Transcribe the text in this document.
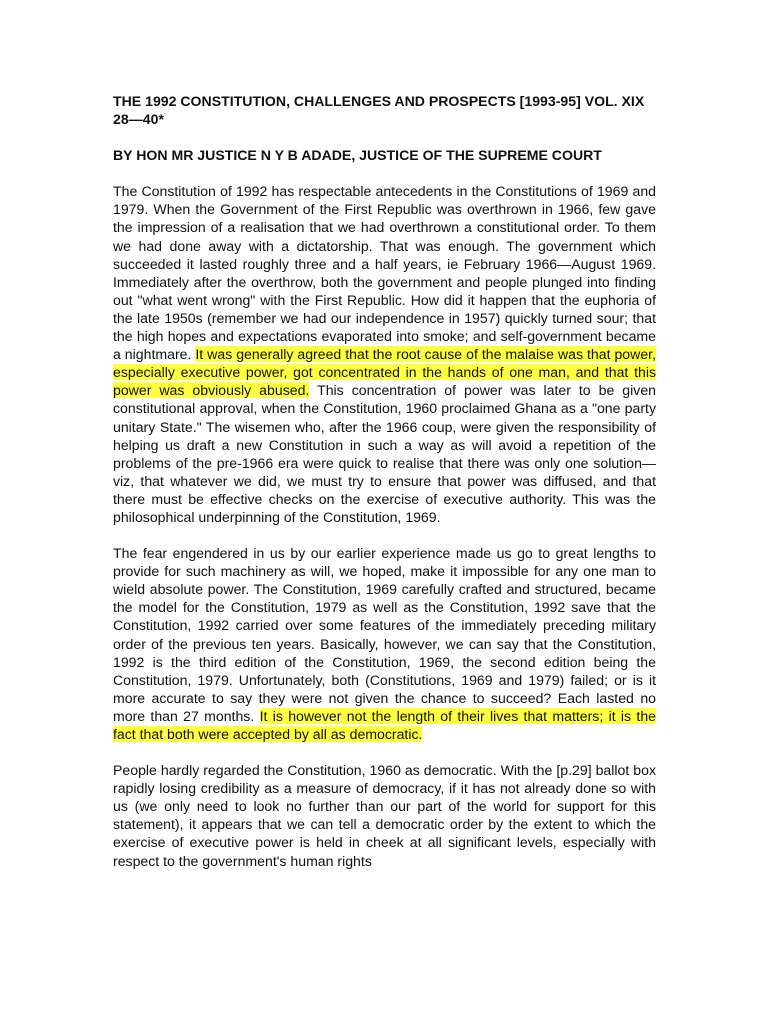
THE 1992 CONSTITUTION, CHALLENGES AND PROSPECTS [1993-95] VOL. XIX 28—40*

BY HON MR JUSTICE N Y B ADADE, JUSTICE OF THE SUPREME COURT

The Constitution of 1992 has respectable antecedents in the Constitutions of 1969 and 1979. When the Government of the First Republic was overthrown in 1966, few gave the impression of a realisation that we had overthrown a constitutional order. To them we had done away with a dictatorship. That was enough. The government which succeeded it lasted roughly three and a half years, ie February 1966—August 1969. Immediately after the overthrow, both the government and people plunged into finding out "what went wrong" with the First Republic. How did it happen that the euphoria of the late 1950s (remember we had our independence in 1957) quickly turned sour; that the high hopes and expectations evaporated into smoke; and self-government became a nightmare. It was generally agreed that the root cause of the malaise was that power, especially executive power, got concentrated in the hands of one man, and that this power was obviously abused. This concentration of power was later to be given constitutional approval, when the Constitution, 1960 proclaimed Ghana as a "one party unitary State." The wisemen who, after the 1966 coup, were given the responsibility of helping us draft a new Constitution in such a way as will avoid a repetition of the problems of the pre-1966 era were quick to realise that there was only one solution—viz, that whatever we did, we must try to ensure that power was diffused, and that there must be effective checks on the exercise of executive authority. This was the philosophical underpinning of the Constitution, 1969.

The fear engendered in us by our earlier experience made us go to great lengths to provide for such machinery as will, we hoped, make it impossible for any one man to wield absolute power. The Constitution, 1969 carefully crafted and structured, became the model for the Constitution, 1979 as well as the Constitution, 1992 save that the Constitution, 1992 carried over some features of the immediately preceding military order of the previous ten years. Basically, however, we can say that the Constitution, 1992 is the third edition of the Constitution, 1969, the second edition being the Constitution, 1979. Unfortunately, both (Constitutions, 1969 and 1979) failed; or is it more accurate to say they were not given the chance to succeed? Each lasted no more than 27 months. It is however not the length of their lives that matters; it is the fact that both were accepted by all as democratic.

People hardly regarded the Constitution, 1960 as democratic. With the [p.29] ballot box rapidly losing credibility as a measure of democracy, if it has not already done so with us (we only need to look no further than our part of the world for support for this statement), it appears that we can tell a democratic order by the extent to which the exercise of executive power is held in cheek at all significant levels, especially with respect to the government's human rights
